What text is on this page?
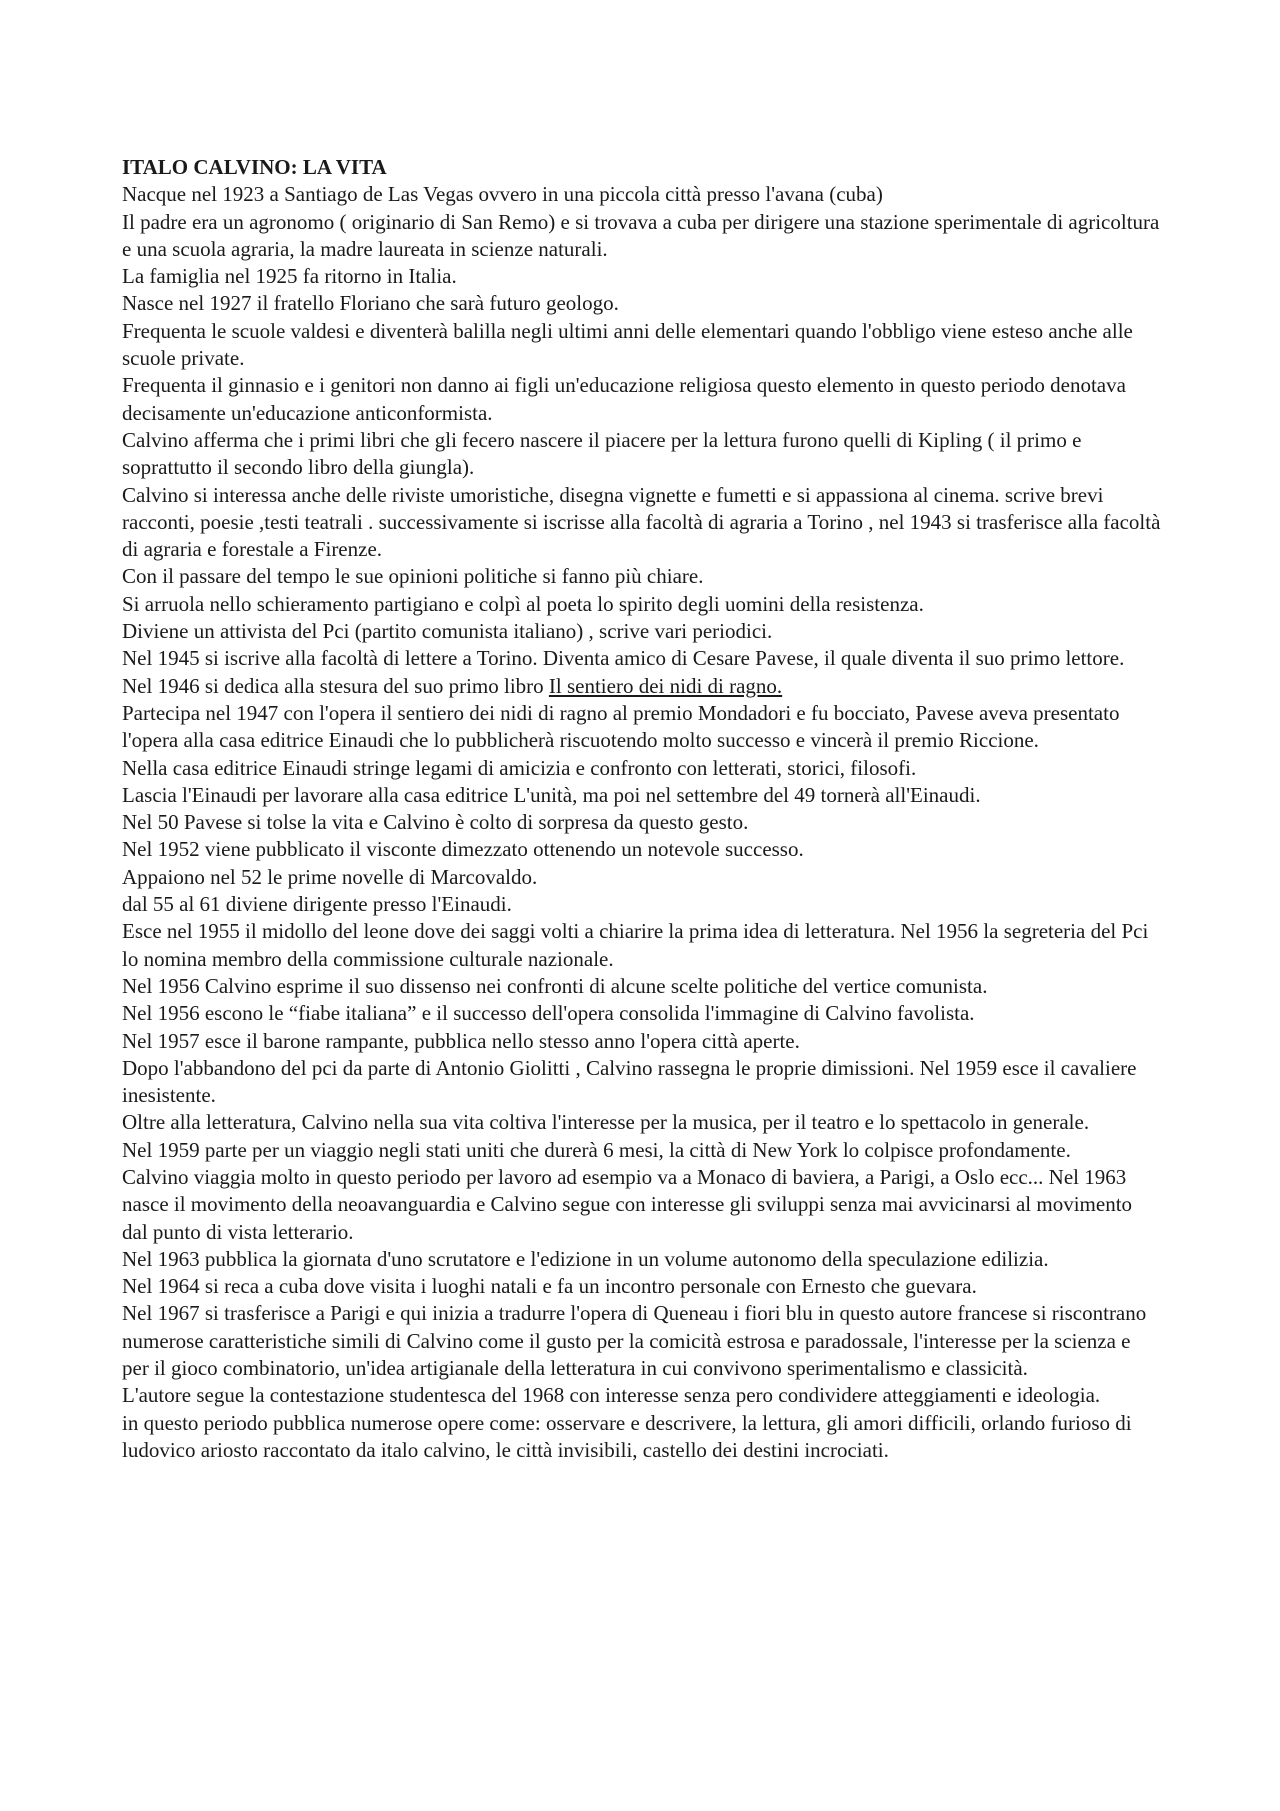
ITALO CALVINO: LA VITA

Nacque nel 1923 a Santiago de Las Vegas ovvero in una piccola città presso l'avana (cuba)

Il padre era un agronomo ( originario di San Remo) e si trovava a cuba per dirigere una stazione sperimentale di agricoltura e una scuola agraria, la madre laureata in scienze naturali.

La famiglia nel 1925 fa ritorno in Italia.

Nasce nel 1927 il fratello Floriano che sarà futuro geologo.

Frequenta le scuole valdesi e diventerà balilla negli ultimi anni delle elementari quando l'obbligo viene esteso anche alle scuole private.

Frequenta il ginnasio e i genitori non danno ai figli un'educazione religiosa questo elemento in questo periodo denotava decisamente un'educazione anticonformista.

Calvino afferma che i primi libri che gli fecero nascere il piacere per la lettura furono quelli di Kipling ( il primo e soprattutto il secondo libro della giungla).

Calvino si interessa anche delle riviste umoristiche, disegna vignette e fumetti e si appassiona al cinema. scrive brevi racconti, poesie ,testi teatrali . successivamente si iscrisse alla facoltà di agraria a Torino , nel 1943 si trasferisce alla facoltà di agraria e forestale a Firenze.

Con il passare del tempo le sue opinioni politiche si fanno più chiare.

Si arruola nello schieramento partigiano e colpì al poeta lo spirito degli uomini della resistenza.

Diviene un attivista del Pci (partito comunista italiano) , scrive vari periodici.

Nel 1945 si iscrive alla facoltà di lettere a Torino. Diventa amico di Cesare Pavese, il quale diventa il suo primo lettore.

Nel 1946 si dedica alla stesura del suo primo libro Il sentiero dei nidi di ragno.

Partecipa nel 1947 con l'opera il sentiero dei nidi di ragno al premio Mondadori e fu bocciato, Pavese aveva presentato l'opera alla casa editrice Einaudi che lo pubblicherà riscuotendo molto successo e vincerà il premio Riccione.

Nella casa editrice Einaudi stringe legami di amicizia e confronto con letterati, storici, filosofi.

Lascia l'Einaudi per lavorare alla casa editrice L'unità, ma poi nel settembre del 49 tornerà all'Einaudi.

Nel 50 Pavese si tolse la vita e Calvino è colto di sorpresa da questo gesto.

Nel 1952 viene pubblicato il visconte dimezzato ottenendo un notevole successo.

Appaiono nel 52 le prime novelle di Marcovaldo.

dal 55 al 61 diviene dirigente presso l'Einaudi.

Esce nel 1955 il midollo del leone dove dei saggi volti a chiarire la prima idea di letteratura. Nel 1956 la segreteria del Pci lo nomina membro della commissione culturale nazionale.

Nel 1956 Calvino esprime il suo dissenso nei confronti di alcune scelte politiche del vertice comunista.

Nel 1956 escono le “fiabe italiana” e il successo dell'opera consolida l'immagine di Calvino favolista.

Nel 1957 esce il barone rampante, pubblica nello stesso anno l'opera città aperte.

Dopo l'abbandono del pci da parte di Antonio Giolitti , Calvino rassegna le proprie dimissioni. Nel 1959 esce il cavaliere inesistente.

Oltre alla letteratura, Calvino nella sua vita coltiva l'interesse per la musica, per il teatro e lo spettacolo in generale.

Nel 1959 parte per un viaggio negli stati uniti che durerà 6 mesi, la città di New York lo colpisce profondamente.

Calvino viaggia molto in questo periodo per lavoro ad esempio va a Monaco di baviera, a Parigi, a Oslo ecc... Nel 1963 nasce il movimento della neoavanguardia e Calvino segue con interesse gli sviluppi senza mai avvicinarsi al movimento dal punto di vista letterario.

Nel 1963 pubblica la giornata d'uno scrutatore e l'edizione in un volume autonomo della speculazione edilizia.

Nel 1964 si reca a cuba dove visita i luoghi natali e fa un incontro personale con Ernesto che guevara.

Nel 1967 si trasferisce a Parigi e qui inizia a tradurre l'opera di Queneau i fiori blu in questo autore francese si riscontrano numerose caratteristiche simili di Calvino come il gusto per la comicità estrosa e paradossale, l'interesse per la scienza e per il gioco combinatorio, un'idea artigianale della letteratura in cui convivono sperimentalismo e classicità.

L'autore segue la contestazione studentesca del 1968 con interesse senza pero condividere atteggiamenti e ideologia.

in questo periodo pubblica numerose opere come: osservare e descrivere, la lettura, gli amori difficili, orlando furioso di ludovico ariosto raccontato da italo calvino, le città invisibili, castello dei destini incrociati.
